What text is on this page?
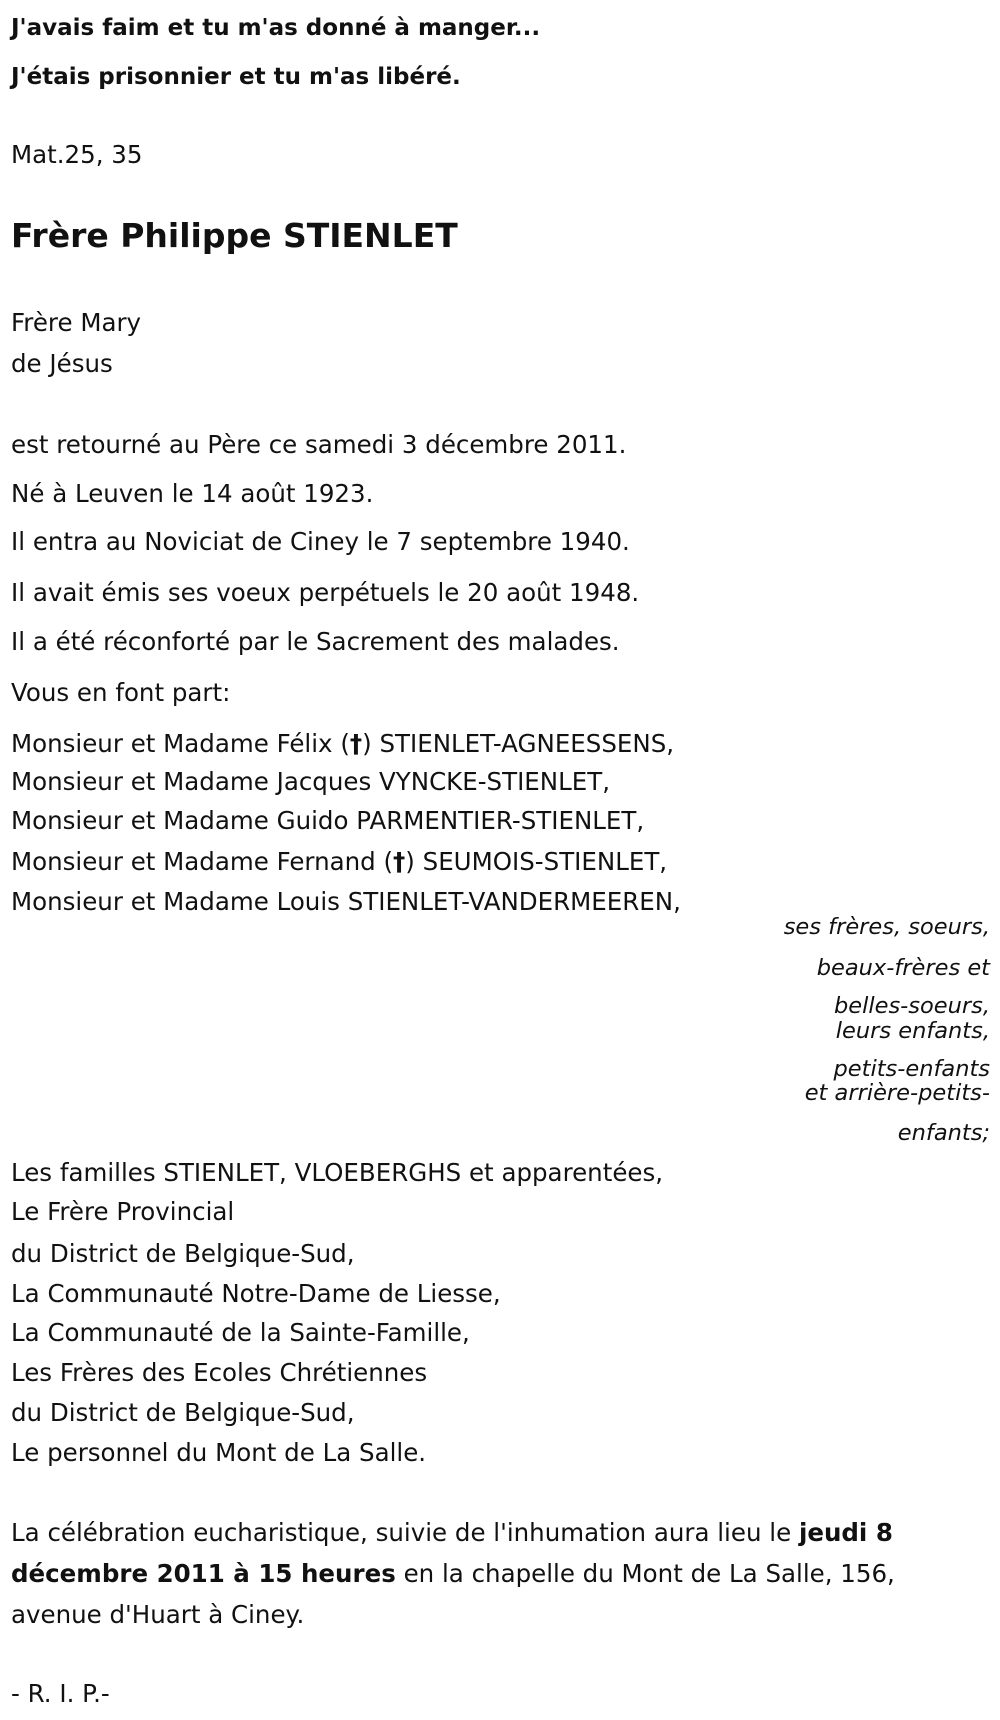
J'avais faim et tu m'as donné à manger...
J'étais prisonnier et tu m'as libéré.
Mat.25, 35
Frère Philippe STIENLET
Frère Mary
de Jésus
est retourné au Père ce samedi 3 décembre 2011.
Né à Leuven le 14 août 1923.
Il entra au Noviciat de Ciney le 7 septembre 1940.
Il avait émis ses voeux perpétuels le 20 août 1948.
Il a été réconforté par le Sacrement des malades.
Vous en font part:
Monsieur et Madame Félix (†) STIENLET-AGNEESSENS,
Monsieur et Madame Jacques VYNCKE-STIENLET,
Monsieur et Madame Guido PARMENTIER-STIENLET,
Monsieur et Madame Fernand (†) SEUMOIS-STIENLET,
Monsieur et Madame Louis STIENLET-VANDERMEEREN,
ses frères, soeurs,
beaux-frères et
belles-soeurs,
leurs enfants,
petits-enfants
et arrière-petits-
enfants;
Les familles STIENLET, VLOEBERGHS et apparentées,
Le Frère Provincial
du District de Belgique-Sud,
La Communauté Notre-Dame de Liesse,
La Communauté de la Sainte-Famille,
Les Frères des Ecoles Chrétiennes
du District de Belgique-Sud,
Le personnel du Mont de La Salle.
La célébration eucharistique, suivie de l'inhumation aura lieu le jeudi 8
décembre 2011 à 15 heures en la chapelle du Mont de La Salle, 156,
avenue d'Huart à Ciney.
- R. I. P.-
